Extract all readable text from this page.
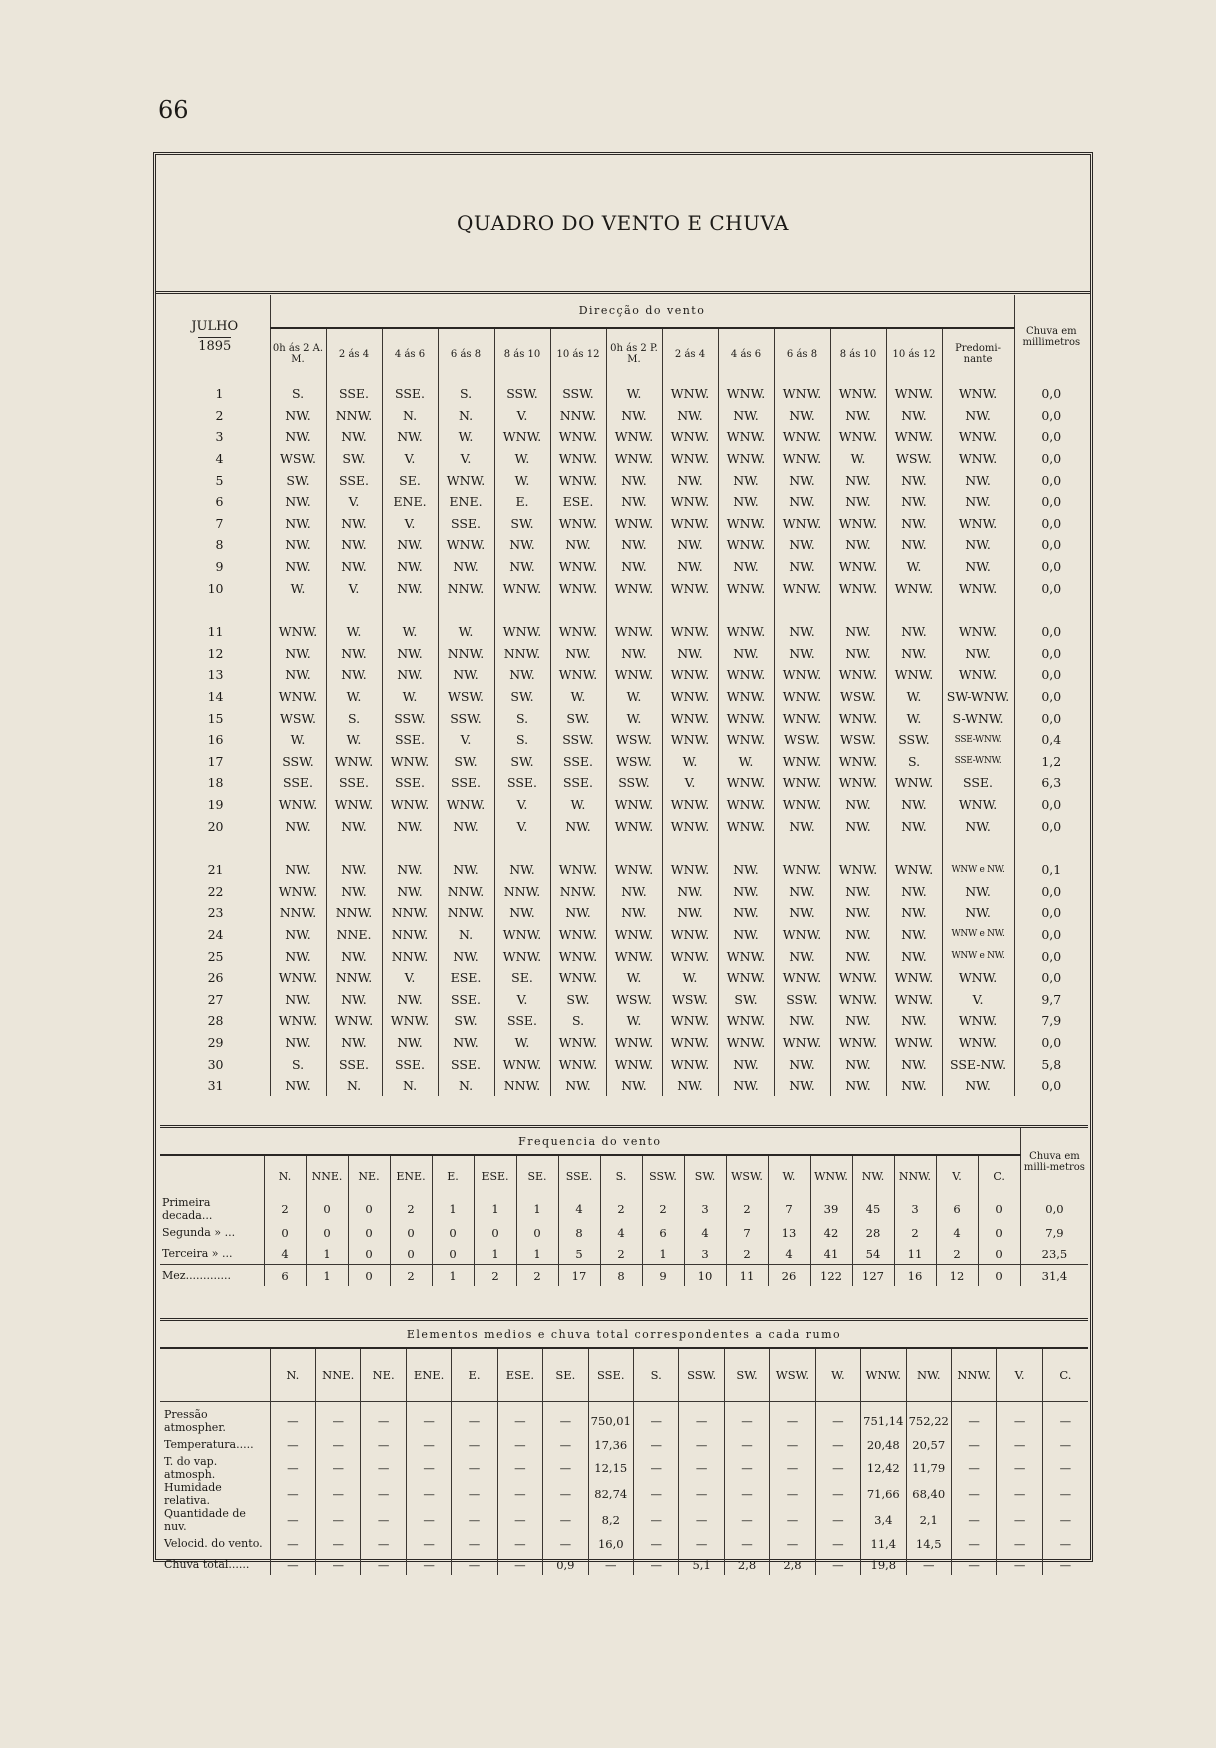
66
QUADRO DO VENTO E CHUVA
JULHO
1895	Direcção do vento													Chuva em millimetros
	0h ás 2 A. M.	2 ás 4	4 ás 6	6 ás 8	8 ás 10	10 ás 12	0h ás 2 P. M.	2 ás 4	4 ás 6	6 ás 8	8 ás 10	10 ás 12	Predomi-nante	
1	S.	SSE.	SSE.	S.	SSW.	SSW.	W.	WNW.	WNW.	WNW.	WNW.	WNW.	WNW.	0,0
2	NW.	NNW.	N.	N.	V.	NNW.	NW.	NW.	NW.	NW.	NW.	NW.	NW.	0,0
3	NW.	NW.	NW.	W.	WNW.	WNW.	WNW.	WNW.	WNW.	WNW.	WNW.	WNW.	WNW.	0,0
4	WSW.	SW.	V.	V.	W.	WNW.	WNW.	WNW.	WNW.	WNW.	W.	WSW.	WNW.	0,0
5	SW.	SSE.	SE.	WNW.	W.	WNW.	NW.	NW.	NW.	NW.	NW.	NW.	NW.	0,0
6	NW.	V.	ENE.	ENE.	E.	ESE.	NW.	WNW.	NW.	NW.	NW.	NW.	NW.	0,0
7	NW.	NW.	V.	SSE.	SW.	WNW.	WNW.	WNW.	WNW.	WNW.	WNW.	NW.	WNW.	0,0
8	NW.	NW.	NW.	WNW.	NW.	NW.	NW.	NW.	WNW.	NW.	NW.	NW.	NW.	0,0
9	NW.	NW.	NW.	NW.	NW.	WNW.	NW.	NW.	NW.	NW.	WNW.	W.	NW.	0,0
10	W.	V.	NW.	NNW.	WNW.	WNW.	WNW.	WNW.	WNW.	WNW.	WNW.	WNW.	WNW.	0,0

11	WNW.	W.	W.	W.	WNW.	WNW.	WNW.	WNW.	WNW.	NW.	NW.	NW.	WNW.	0,0
12	NW.	NW.	NW.	NNW.	NNW.	NW.	NW.	NW.	NW.	NW.	NW.	NW.	NW.	0,0
13	NW.	NW.	NW.	NW.	NW.	WNW.	WNW.	WNW.	WNW.	WNW.	WNW.	WNW.	WNW.	0,0
14	WNW.	W.	W.	WSW.	SW.	W.	W.	WNW.	WNW.	WNW.	WSW.	W.	SW-WNW.	0,0
15	WSW.	S.	SSW.	SSW.	S.	SW.	W.	WNW.	WNW.	WNW.	WNW.	W.	S-WNW.	0,0
16	W.	W.	SSE.	V.	S.	SSW.	WSW.	WNW.	WNW.	WSW.	WSW.	SSW.	SSE-WNW.	0,4
17	SSW.	WNW.	WNW.	SW.	SW.	SSE.	WSW.	W.	W.	WNW.	WNW.	S.	SSE-WNW.	1,2
18	SSE.	SSE.	SSE.	SSE.	SSE.	SSE.	SSW.	V.	WNW.	WNW.	WNW.	WNW.	SSE.	6,3
19	WNW.	WNW.	WNW.	WNW.	V.	W.	WNW.	WNW.	WNW.	WNW.	NW.	NW.	WNW.	0,0
20	NW.	NW.	NW.	NW.	V.	NW.	WNW.	WNW.	WNW.	NW.	NW.	NW.	NW.	0,0

21	NW.	NW.	NW.	NW.	NW.	WNW.	WNW.	WNW.	NW.	WNW.	WNW.	WNW.	WNW e NW.	0,1
22	WNW.	NW.	NW.	NNW.	NNW.	NNW.	NW.	NW.	NW.	NW.	NW.	NW.	NW.	0,0
23	NNW.	NNW.	NNW.	NNW.	NW.	NW.	NW.	NW.	NW.	NW.	NW.	NW.	NW.	0,0
24	NW.	NNE.	NNW.	N.	WNW.	WNW.	WNW.	WNW.	NW.	WNW.	NW.	NW.	WNW e NW.	0,0
25	NW.	NW.	NNW.	NW.	WNW.	WNW.	WNW.	WNW.	WNW.	NW.	NW.	NW.	WNW e NW.	0,0
26	WNW.	NNW.	V.	ESE.	SE.	WNW.	W.	W.	WNW.	WNW.	WNW.	WNW.	WNW.	0,0
27	NW.	NW.	NW.	SSE.	V.	SW.	WSW.	WSW.	SW.	SSW.	WNW.	WNW.	V.	9,7
28	WNW.	WNW.	WNW.	SW.	SSE.	S.	W.	WNW.	WNW.	NW.	NW.	NW.	WNW.	7,9
29	NW.	NW.	NW.	NW.	W.	WNW.	WNW.	WNW.	WNW.	WNW.	WNW.	WNW.	WNW.	0,0
30	S.	SSE.	SSE.	SSE.	WNW.	WNW.	WNW.	WNW.	NW.	NW.	NW.	NW.	SSE-NW.	5,8
31	NW.	N.	N.	N.	NNW.	NW.	NW.	NW.	NW.	NW.	NW.	NW.	NW.	0,0
Frequencia do vento																			Chuva em milli-metros
	N.	NNE.	NE.	ENE.	E.	ESE.	SE.	SSE.	S.	SSW.	SW.	WSW.	W.	WNW.	NW.	NNW.	V.	C.	
Primeira decada...	2	0	0	2	1	1	1	4	2	2	3	2	7	39	45	3	6	0	0,0
Segunda » ...	0	0	0	0	0	0	0	8	4	6	4	7	13	42	28	2	4	0	7,9
Terceira » ...	4	1	0	0	0	1	1	5	2	1	3	2	4	41	54	11	2	0	23,5
Mez.............	6	1	0	2	1	2	2	17	8	9	10	11	26	122	127	16	12	0	31,4
Elementos medios e chuva total correspondentes a cada rumo																		
	N.	NNE.	NE.	ENE.	E.	ESE.	SE.	SSE.	S.	SSW.	SW.	WSW.	W.	WNW.	NW.	NNW.	V.	C.
Pressão atmospher.	—	—	—	—	—	—	—	750,01	—	—	—	—	—	751,14	752,22	—	—	—
Temperatura.....	—	—	—	—	—	—	—	17,36	—	—	—	—	—	20,48	20,57	—	—	—
T. do vap. atmosph.	—	—	—	—	—	—	—	12,15	—	—	—	—	—	12,42	11,79	—	—	—
Humidade relativa.	—	—	—	—	—	—	—	82,74	—	—	—	—	—	71,66	68,40	—	—	—
Quantidade de nuv.	—	—	—	—	—	—	—	8,2	—	—	—	—	—	3,4	2,1	—	—	—
Velocid. do vento.	—	—	—	—	—	—	—	16,0	—	—	—	—	—	11,4	14,5	—	—	—
Chuva total......	—	—	—	—	—	—	0,9	—	—	5,1	2,8	2,8	—	19,8	—	—	—	—
